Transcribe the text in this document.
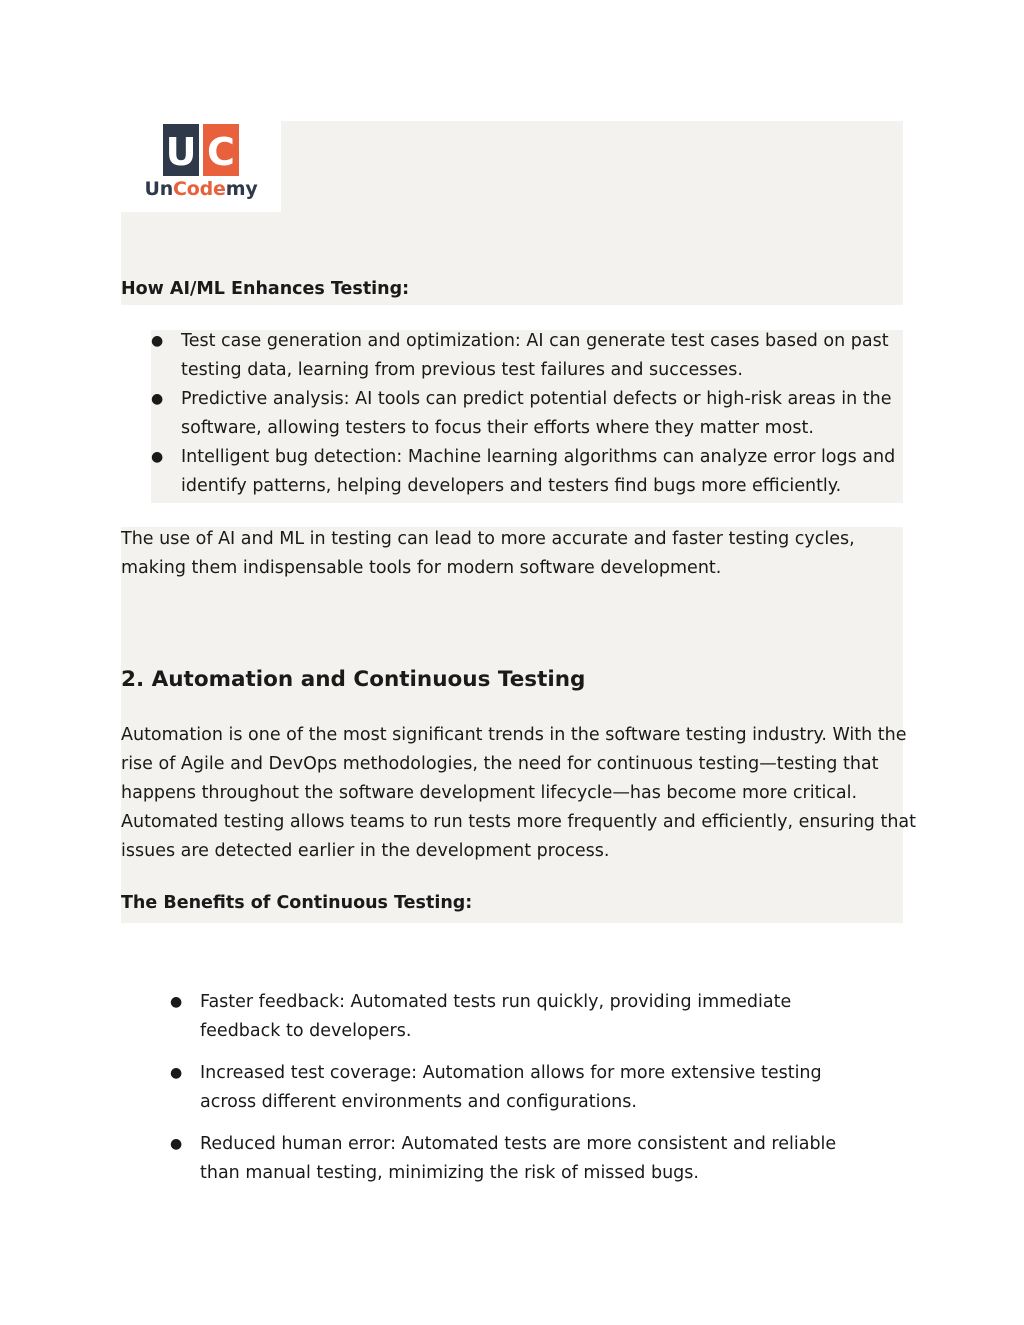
U C
UnCodemy
How AI/ML Enhances Testing:
●	Test case generation and optimization: AI can generate test cases based on past testing data, learning from previous test failures and successes.
●	Predictive analysis: AI tools can predict potential defects or high-risk areas in the software, allowing testers to focus their efforts where they matter most.
●	Intelligent bug detection: Machine learning algorithms can analyze error logs and identify patterns, helping developers and testers find bugs more efficiently.

The use of AI and ML in testing can lead to more accurate and faster testing cycles, making them indispensable tools for modern software development.

2. Automation and Continuous Testing

Automation is one of the most significant trends in the software testing industry. With the rise of Agile and DevOps methodologies, the need for continuous testing—testing that happens throughout the software development lifecycle—has become more critical. Automated testing allows teams to run tests more frequently and efficiently, ensuring that issues are detected earlier in the development process.

The Benefits of Continuous Testing:
●	Faster feedback: Automated tests run quickly, providing immediate feedback to developers.
●	Increased test coverage: Automation allows for more extensive testing across different environments and configurations.
●	Reduced human error: Automated tests are more consistent and reliable than manual testing, minimizing the risk of missed bugs.
